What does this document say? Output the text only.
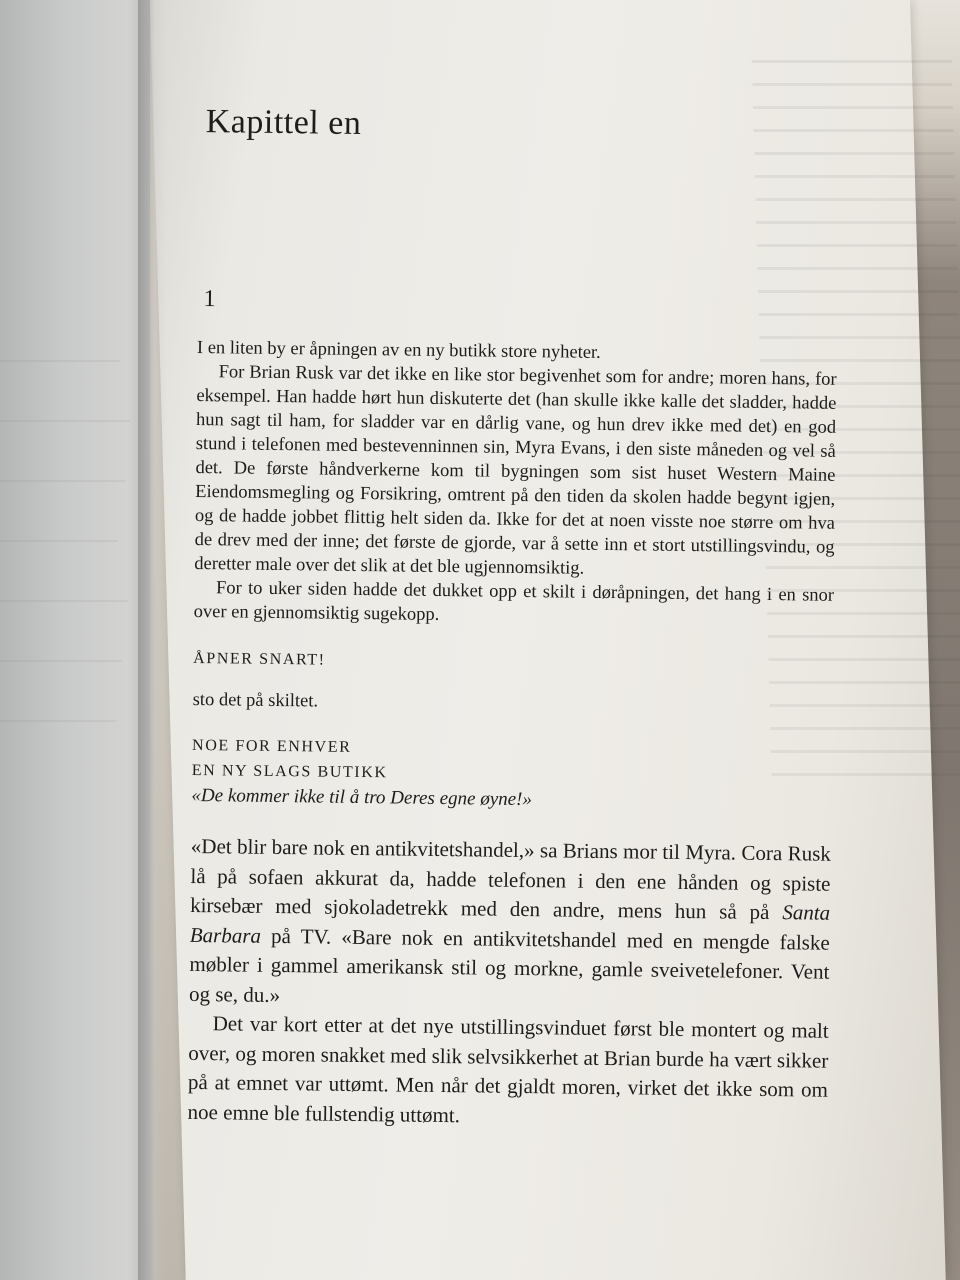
Kapittel en
1

I en liten by er åpningen av en ny butikk store nyheter.

For Brian Rusk var det ikke en like stor begivenhet som for andre; moren hans, for eksempel. Han hadde hørt hun diskuterte det (han skulle ikke kalle det sladder, hadde hun sagt til ham, for sladder var en dårlig vane, og hun drev ikke med det) en god stund i telefonen med bestevenninnen sin, Myra Evans, i den siste måneden og vel så det. De første håndverkerne kom til bygningen som sist huset Western Maine Eiendomsmegling og Forsikring, omtrent på den tiden da skolen hadde begynt igjen, og de hadde jobbet flittig helt siden da. Ikke for det at noen visste noe større om hva de drev med der inne; det første de gjorde, var å sette inn et stort utstillingsvindu, og deretter male over det slik at det ble ugjennomsiktig.

For to uker siden hadde det dukket opp et skilt i døråpningen, det hang i en snor over en gjennomsiktig sugekopp.

ÅPNER SNART!
sto det på skiltet.
NOE FOR ENHVER
EN NY SLAGS BUTIKK
«De kommer ikke til å tro Deres egne øyne!»

«Det blir bare nok en antikvitetshandel,» sa Brians mor til Myra. Cora Rusk lå på sofaen akkurat da, hadde telefonen i den ene hånden og spiste kirsebær med sjokoladetrekk med den andre, mens hun så på Santa Barbara på TV. «Bare nok en antikvitetshandel med en mengde falske møbler i gammel amerikansk stil og morkne, gamle sveivetelefoner. Vent og se, du.»

Det var kort etter at det nye utstillingsvinduet først ble montert og malt over, og moren snakket med slik selvsikkerhet at Brian burde ha vært sikker på at emnet var uttømt. Men når det gjaldt moren, virket det ikke som om noe emne ble fullstendig uttømt.
